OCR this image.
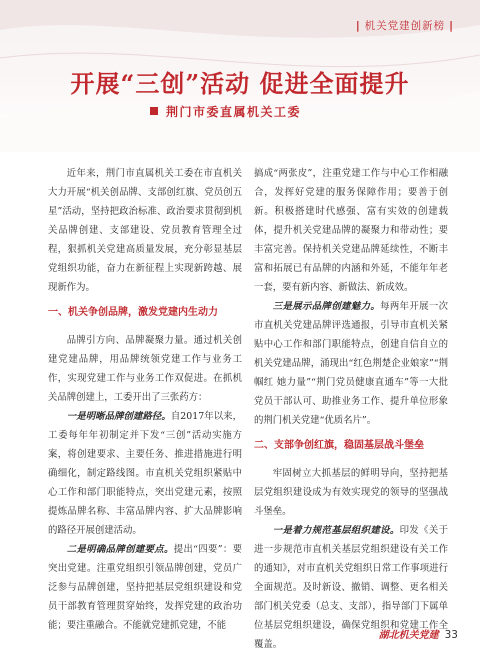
| 机关党建创新榜 |
开展“三创”活动 促进全面提升
荆门市委直属机关工委

近年来，荆门市直属机关工委在市直机关大力开展“机关创品牌、支部创红旗、党员创五星”活动，坚持把政治标准、政治要求贯彻到机关品牌创建、支部建设、党员教育管理全过程，狠抓机关党建高质量发展，充分彰显基层党组织功能，奋力在新征程上实现新跨越、展现新作为。

一、机关争创品牌，激发党建内生动力

品牌引方向、品牌凝聚力量。通过机关创建党建品牌，用品牌统领党建工作与业务工作，实现党建工作与业务工作双促进。在抓机关品牌创建上，工委开出了三张药方：

一是明晰品牌创建路径。自2017年以来，工委每年年初制定并下发“三创”活动实施方案，将创建要求、主要任务、推进措施进行明确细化，制定路线图。市直机关党组织紧贴中心工作和部门职能特点，突出党建元素，按照提炼品牌名称、丰富品牌内容、扩大品牌影响的路径开展创建活动。

二是明确品牌创建要点。提出“四要”：要突出党建。注重党组织引领品牌创建，党员广泛参与品牌创建，坚持把基层党组织建设和党员干部教育管理贯穿始终，发挥党建的政治功能；要注重融合。不能就党建抓党建，不能

搞成“两张皮”，注重党建工作与中心工作相融合，发挥好党建的服务保障作用；要善于创新。积极搭建时代感强、富有实效的创建载体，提升机关党建品牌的凝聚力和带动性；要丰富完善。保持机关党建品牌延续性，不断丰富和拓展已有品牌的内涵和外延，不能年年老一套，要有新内容、新做法、新成效。

三是展示品牌创建魅力。每两年开展一次市直机关党建品牌评选通报，引导市直机关紧贴中心工作和部门职能特点，创建自信自立的机关党建品牌，涌现出“红色荆楚企业娘家”“荆帼红 她力量”“荆门党员健康直通车”等一大批党员干部认可、助推业务工作、提升单位形象的荆门机关党建“优质名片”。

二、支部争创红旗，稳固基层战斗堡垒

牢固树立大抓基层的鲜明导向，坚持把基层党组织建设成为有效实现党的领导的坚强战斗堡垒。

一是着力规范基层组织建设。印发《关于进一步规范市直机关基层党组织建设有关工作的通知》，对市直机关党组织日常工作事项进行全面规范。及时新设、撤销、调整、更名相关部门机关党委（总支、支部），指导部门下属单位基层党组织建设，确保党组织和党建工作全覆盖。

湖北机关党建 33
